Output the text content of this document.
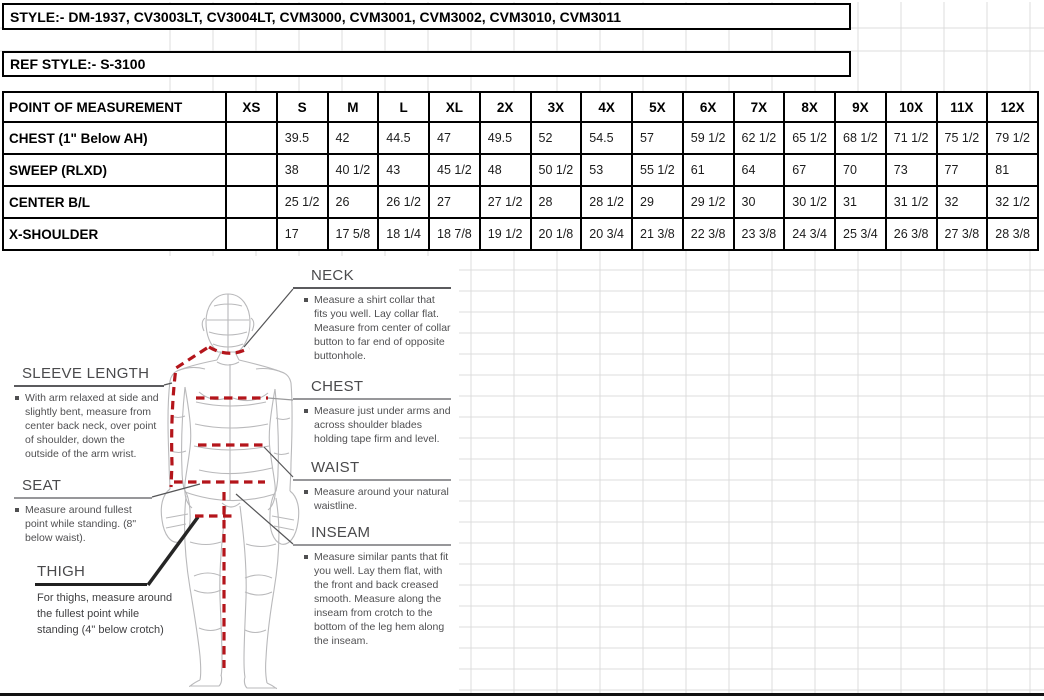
STYLE:- DM-1937, CV3003LT, CV3004LT, CVM3000, CVM3001, CVM3002, CVM3010, CVM3011
REF STYLE:- S-3100
POINT OF MEASUREMENT	XS	S	M	L	XL	2X	3X	4X	5X	6X	7X	8X	9X	10X	11X	12X
CHEST (1" Below AH)		39.5	42	44.5	47	49.5	52	54.5	57	59 1/2	62 1/2	65 1/2	68 1/2	71 1/2	75 1/2	79 1/2
SWEEP (RLXD)		38	40 1/2	43	45 1/2	48	50 1/2	53	55 1/2	61	64	67	70	73	77	81
CENTER B/L		25 1/2	26	26 1/2	27	27 1/2	28	28 1/2	29	29 1/2	30	30 1/2	31	31 1/2	32	32 1/2
X-SHOULDER		17	17 5/8	18 1/4	18 7/8	19 1/2	20 1/8	20 3/4	21 3/8	22 3/8	23 3/8	24 3/4	25 3/4	26 3/8	27 3/8	28 3/8
NECK
Measure a shirt collar that fits you well. Lay collar flat. Measure from center of collar button to far end of opposite buttonhole.
CHEST
Measure just under arms and across shoulder blades holding tape firm and level.
WAIST
Measure around your natural waistline.
INSEAM
Measure similar pants that fit you well. Lay them flat, with the front and back creased smooth. Measure along the inseam from crotch to the bottom of the leg hem along the inseam.
SLEEVE LENGTH
With arm relaxed at side and slightly bent, measure from center back neck, over point of shoulder, down the outside of the arm wrist.
SEAT
Measure around fullest point while standing. (8" below waist).
THIGH
For thighs, measure around the fullest point while standing (4" below crotch)
